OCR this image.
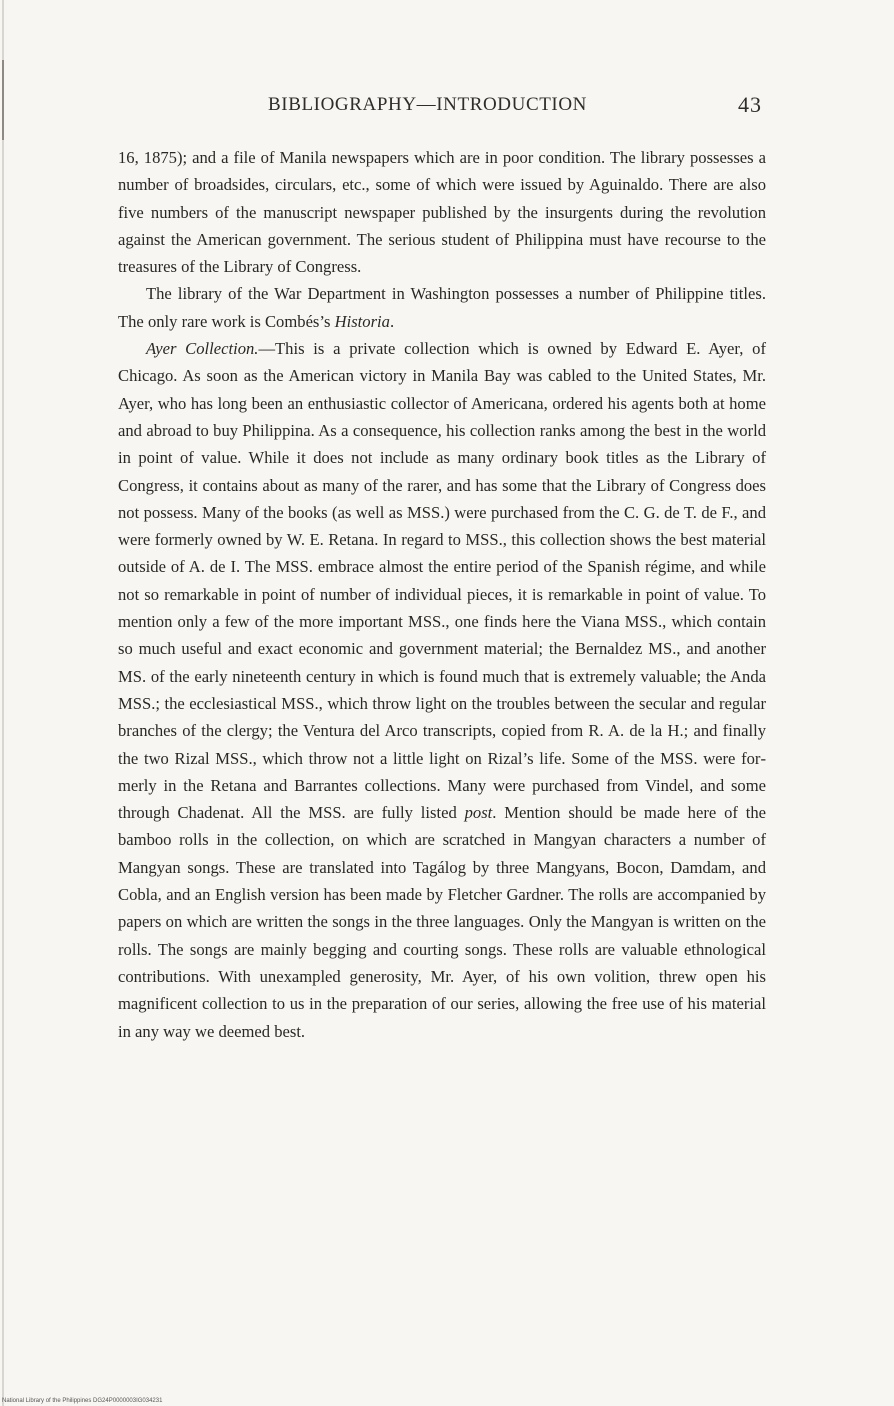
BIBLIOGRAPHY—INTRODUCTION	43

16, 1875); and a file of Manila newspapers which are in poor condition. The library possesses a number of broadsides, circulars, etc., some of which were issued by Aguinaldo. There are also five numbers of the manuscript newspaper published by the insurgents during the revolution against the American government. The serious student of Philippina must have recourse to the treasures of the Library of Congress.

The library of the War Department in Washington possesses a number of Philippine titles. The only rare work is Combés’s Historia.

Ayer Collection.—This is a private collection which is owned by Edward E. Ayer, of Chicago. As soon as the American victory in Manila Bay was cabled to the United States, Mr. Ayer, who has long been an enthusiastic collector of Americana, ordered his agents both at home and abroad to buy Philippina. As a consequence, his collection ranks among the best in the world in point of value. While it does not include as many ordinary book titles as the Library of Congress, it contains about as many of the rarer, and has some that the Library of Congress does not possess. Many of the books (as well as MSS.) were purchased from the C. G. de T. de F., and were formerly owned by W. E. Retana. In regard to MSS., this collection shows the best material outside of A. de I. The MSS. embrace almost the entire period of the Spanish régime, and while not so remarkable in point of number of individual pieces, it is remarkable in point of value. To mention only a few of the more important MSS., one finds here the Viana MSS., which contain so much useful and exact economic and government material; the Bernaldez MS., and another MS. of the early nineteenth century in which is found much that is extremely valuable; the Anda MSS.; the ecclesiastical MSS., which throw light on the troubles between the secular and regular branches of the clergy; the Ventura del Arco transcripts, copied from R. A. de la H.; and finally the two Rizal MSS., which throw not a little light on Rizal’s life. Some of the MSS. were formerly in the Retana and Barrantes collections. Many were purchased from Vindel, and some through Chadenat. All the MSS. are fully listed post. Mention should be made here of the bamboo rolls in the collection, on which are scratched in Mangyan characters a number of Mangyan songs. These are translated into Tagálog by three Mangyans, Bocon, Damdam, and Cobla, and an English version has been made by Fletcher Gardner. The rolls are accompanied by papers on which are written the songs in the three languages. Only the Mangyan is written on the rolls. The songs are mainly begging and courting songs. These rolls are valuable ethnological contributions. With unexampled generosity, Mr. Ayer, of his own volition, threw open his magnificent collection to us in the preparation of our series, allowing the free use of his material in any way we deemed best.

National Library of the Philippines DG24P0000003IG034231
